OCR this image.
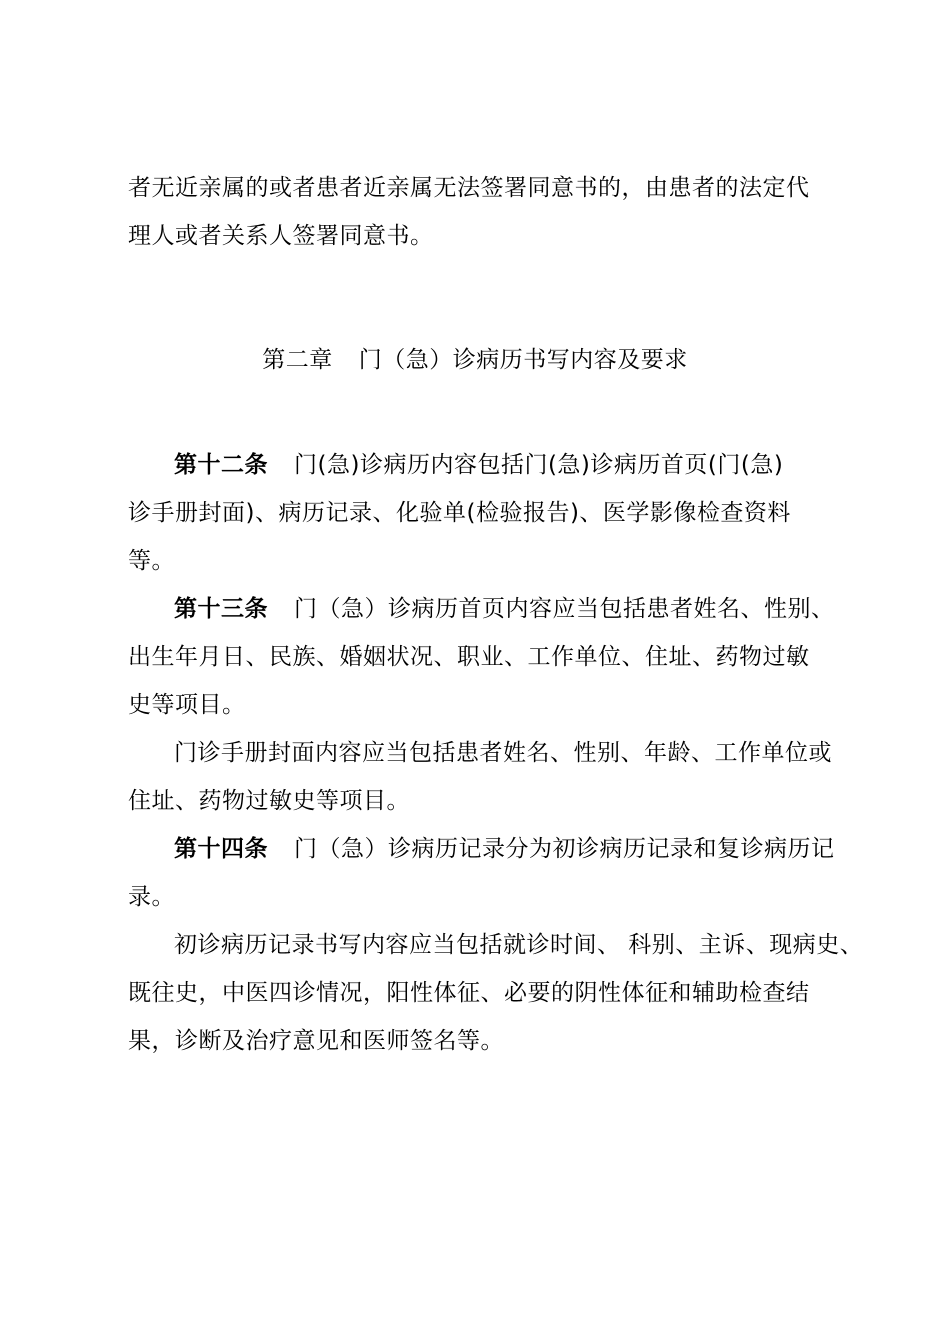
者无近亲属的或者患者近亲属无法签署同意书的，由患者的法定代
理人或者关系人签署同意书。
第二章 门（急）诊病历书写内容及要求
第十二条 门(急)诊病历内容包括门(急)诊病历首页(门(急)
诊手册封面)、病历记录、化验单(检验报告)、医学影像检查资料
等。
第十三条 门（急）诊病历首页内容应当包括患者姓名、性别、
出生年月日、民族、婚姻状况、职业、工作单位、住址、药物过敏
史等项目。
门诊手册封面内容应当包括患者姓名、性别、年龄、工作单位或
住址、药物过敏史等项目。
第十四条 门（急）诊病历记录分为初诊病历记录和复诊病历记
录。
初诊病历记录书写内容应当包括就诊时间、 科别、主诉、现病史、
既往史，中医四诊情况，阳性体征、必要的阴性体征和辅助检查结
果，诊断及治疗意见和医师签名等。
